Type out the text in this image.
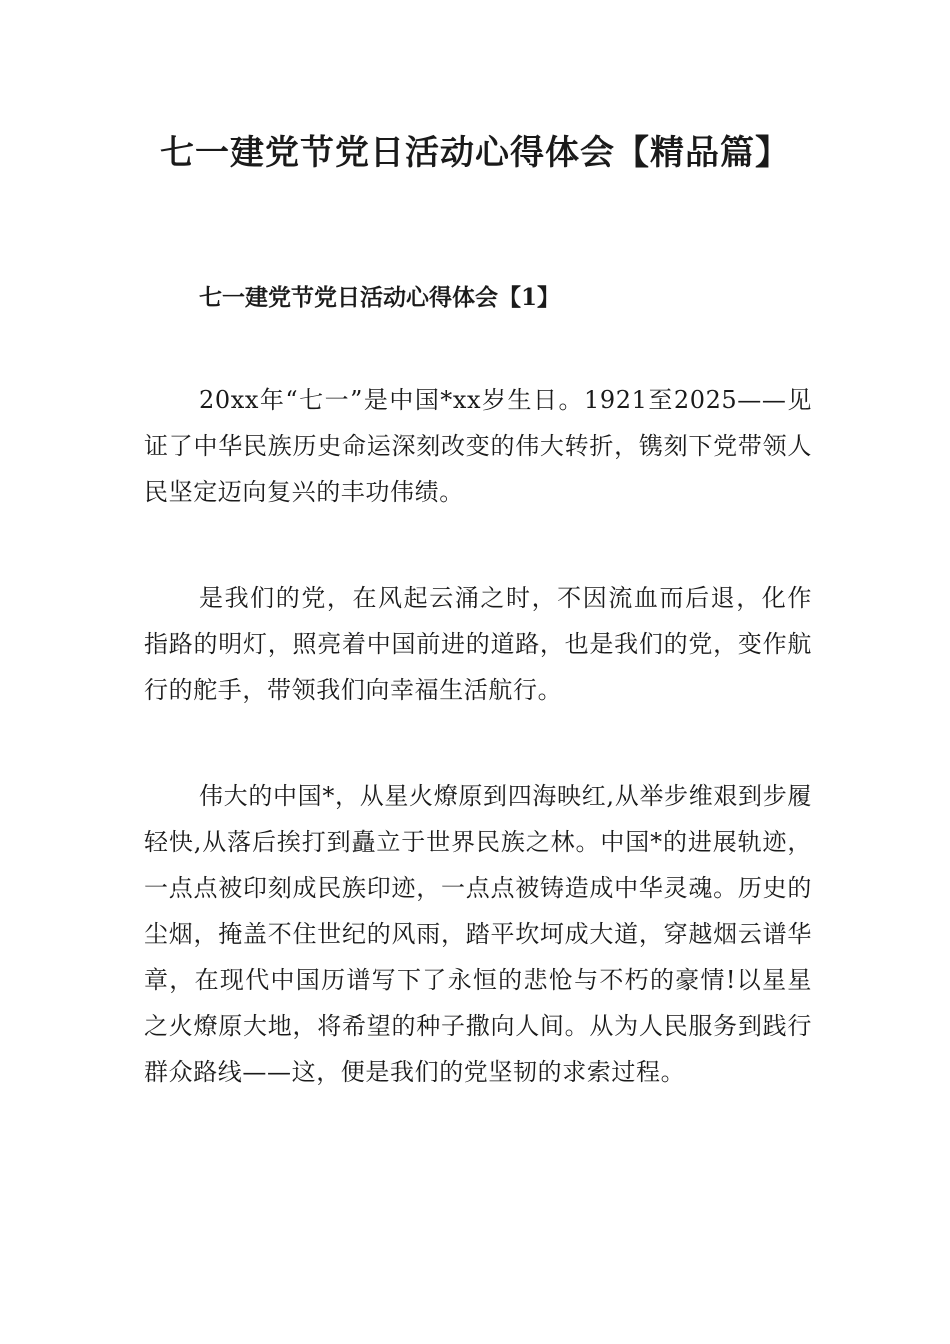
七一建党节党日活动心得体会【精品篇】
七一建党节党日活动心得体会【1】

20xx年“七一”是中国*xx岁生日。1921至2025——见证了中华民族历史命运深刻改变的伟大转折，镌刻下党带领人民坚定迈向复兴的丰功伟绩。

是我们的党，在风起云涌之时，不因流血而后退，化作指路的明灯，照亮着中国前进的道路，也是我们的党，变作航行的舵手，带领我们向幸福生活航行。

伟大的中国*，从星火燎原到四海映红,从举步维艰到步履轻快,从落后挨打到矗立于世界民族之林。中国*的进展轨迹，一点点被印刻成民族印迹，一点点被铸造成中华灵魂。历史的尘烟，掩盖不住世纪的风雨，踏平坎坷成大道，穿越烟云谱华章，在现代中国历谱写下了永恒的悲怆与不朽的豪情!以星星之火燎原大地，将希望的种子撒向人间。从为人民服务到践行群众路线——这，便是我们的党坚韧的求索过程。
